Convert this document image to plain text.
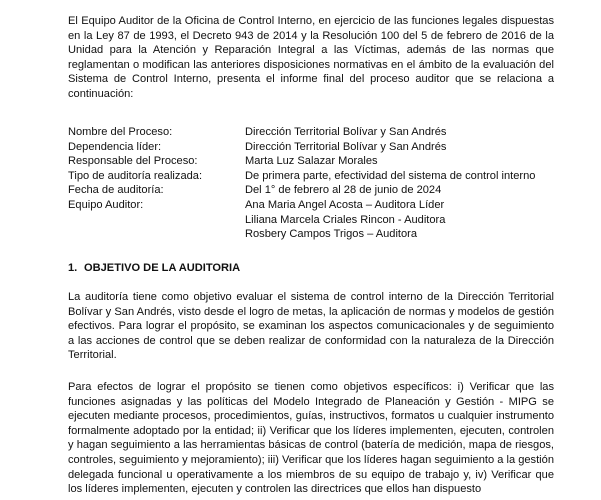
El Equipo Auditor de la Oficina de Control Interno, en ejercicio de las funciones legales dispuestas en la Ley 87 de 1993, el Decreto 943 de 2014 y la Resolución 100 del 5 de febrero de 2016 de la Unidad para la Atención y Reparación Integral a las Víctimas, además de las normas que reglamentan o modifican las anteriores disposiciones normativas en el ámbito de la evaluación del Sistema de Control Interno, presenta el informe final del proceso auditor que se relaciona a continuación:

Nombre del Proceso:	Dirección Territorial Bolívar y San Andrés
Dependencia líder:	Dirección Territorial Bolívar y San Andrés
Responsable del Proceso:	Marta Luz Salazar Morales
Tipo de auditoría realizada:	De primera parte, efectividad del sistema de control interno
Fecha de auditoría:	Del 1° de febrero al 28 de junio de 2024
Equipo Auditor:	Ana Maria Angel Acosta – Auditora Líder
Liliana Marcela Criales Rincon - Auditora
Rosbery Campos Trigos – Auditora
1. OBJETIVO DE LA AUDITORIA

La auditoría tiene como objetivo evaluar el sistema de control interno de la Dirección Territorial Bolívar y San Andrés, visto desde el logro de metas, la aplicación de normas y modelos de gestión efectivos. Para lograr el propósito, se examinan los aspectos comunicacionales y de seguimiento a las acciones de control que se deben realizar de conformidad con la naturaleza de la Dirección Territorial.

Para efectos de lograr el propósito se tienen como objetivos específicos: i) Verificar que las funciones asignadas y las políticas del Modelo Integrado de Planeación y Gestión - MIPG se ejecuten mediante procesos, procedimientos, guías, instructivos, formatos u cualquier instrumento formalmente adoptado por la entidad; ii) Verificar que los líderes implementen, ejecuten, controlen y hagan seguimiento a las herramientas básicas de control (batería de medición, mapa de riesgos, controles, seguimiento y mejoramiento); iii) Verificar que los líderes hagan seguimiento a la gestión delegada funcional u operativamente a los miembros de su equipo de trabajo y, iv) Verificar que los líderes implementen, ejecuten y controlen las directrices que ellos han dispuesto
